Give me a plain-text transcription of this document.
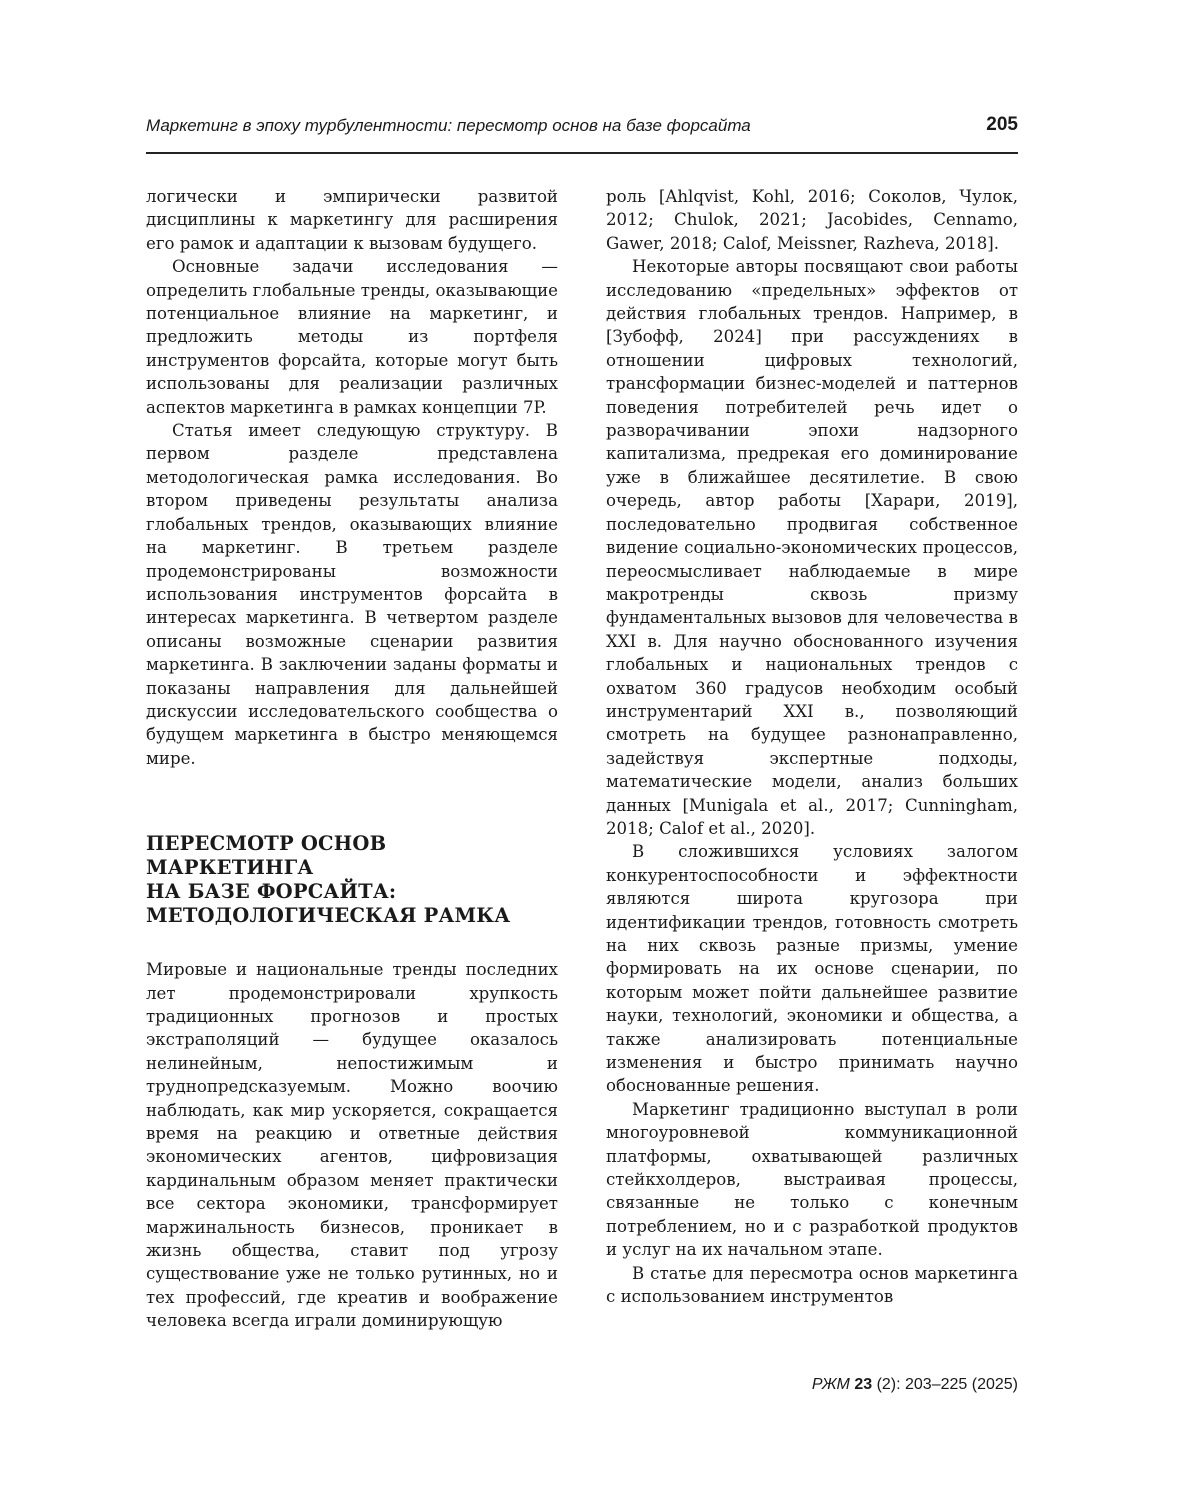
Маркетинг в эпоху турбулентности: пересмотр основ на базе форсайта	205

логически и эмпирически развитой дисциплины к маркетингу для расширения его рамок и адаптации к вызовам будущего.

Основные задачи исследования — определить глобальные тренды, оказывающие потенциальное влияние на маркетинг, и предложить методы из портфеля инструментов форсайта, которые могут быть использованы для реализации различных аспектов маркетинга в рамках концепции 7P.

Статья имеет следующую структуру. В первом разделе представлена методологическая рамка исследования. Во втором приведены результаты анализа глобальных трендов, оказывающих влияние на маркетинг. В третьем разделе продемонстрированы возможности использования инструментов форсайта в интересах маркетинга. В четвертом разделе описаны возможные сценарии развития маркетинга. В заключении заданы форматы и показаны направления для дальнейшей дискуссии исследовательского сообщества о будущем маркетинга в быстро меняющемся мире.

ПЕРЕСМОТР ОСНОВ
МАРКЕТИНГА
НА БАЗЕ ФОРСАЙТА:
МЕТОДОЛОГИЧЕСКАЯ РАМКА

Мировые и национальные тренды последних лет продемонстрировали хрупкость традиционных прогнозов и простых экстраполяций — будущее оказалось нелинейным, непостижимым и труднопредсказуемым. Можно воочию наблюдать, как мир ускоряется, сокращается время на реакцию и ответные действия экономических агентов, цифровизация кардинальным образом меняет практически все сектора экономики, трансформирует маржинальность бизнесов, проникает в жизнь общества, ставит под угрозу существование уже не только рутинных, но и тех профессий, где креатив и воображение человека всегда играли доминирующую

роль [Ahlqvist, Kohl, 2016; Соколов, Чулок, 2012; Chulok, 2021; Jacobides, Cennamo, Gawer, 2018; Calof, Meissner, Razheva, 2018].

Некоторые авторы посвящают свои работы исследованию «предельных» эффектов от действия глобальных трендов. Например, в [Зубофф, 2024] при рассуждениях в отношении цифровых технологий, трансформации бизнес-моделей и паттернов поведения потребителей речь идет о разворачивании эпохи надзорного капитализма, предрекая его доминирование уже в ближайшее десятилетие. В свою очередь, автор работы [Харари, 2019], последовательно продвигая собственное видение социально-экономических процессов, переосмысливает наблюдаемые в мире макротренды сквозь призму фундаментальных вызовов для человечества в XXI в. Для научно обоснованного изучения глобальных и национальных трендов с охватом 360 градусов необходим особый инструментарий XXI в., позволяющий смотреть на будущее разнонаправленно, задействуя экспертные подходы, математические модели, анализ больших данных [Munigala et al., 2017; Cunningham, 2018; Calof et al., 2020].

В сложившихся условиях залогом конкурентоспособности и эффектности являются широта кругозора при идентификации трендов, готовность смотреть на них сквозь разные призмы, умение формировать на их основе сценарии, по которым может пойти дальнейшее развитие науки, технологий, экономики и общества, а также анализировать потенциальные изменения и быстро принимать научно обоснованные решения.

Маркетинг традиционно выступал в роли многоуровневой коммуникационной платформы, охватывающей различных стейкхолдеров, выстраивая процессы, связанные не только с конечным потреблением, но и с разработкой продуктов и услуг на их начальном этапе.

В статье для пересмотра основ маркетинга с использованием инструментов

РЖМ 23 (2): 203–225 (2025)
